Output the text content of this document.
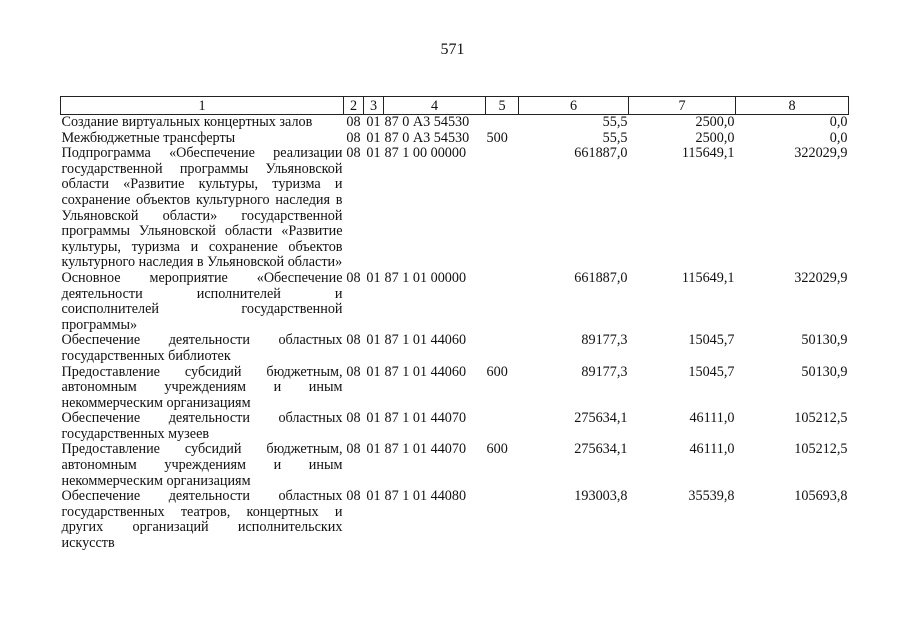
571
1	2	3	4	5	6	7	8
Создание виртуальных концертных залов	08	01	87 0 А3 54530		55,5	2500,0	0,0
Межбюджетные трансферты	08	01	87 0 А3 54530	500	55,5	2500,0	0,0
Подпрограмма «Обеспечение реализации государственной программы Ульяновской области «Развитие культуры, туризма и сохранение объектов культурного наследия в Ульяновской области» государственной программы Ульяновской области «Развитие культуры, туризма и сохранение объектов культурного наследия в Ульяновской области»	08	01	87 1 00 00000		661887,0	115649,1	322029,9
Основное мероприятие «Обеспечение деятельности исполнителей и соисполнителей государственной программы»	08	01	87 1 01 00000		661887,0	115649,1	322029,9
Обеспечение деятельности областных государственных библиотек	08	01	87 1 01 44060		89177,3	15045,7	50130,9
Предоставление субсидий бюджетным, автономным учреждениям и иным некоммерческим организациям	08	01	87 1 01 44060	600	89177,3	15045,7	50130,9
Обеспечение деятельности областных государственных музеев	08	01	87 1 01 44070		275634,1	46111,0	105212,5
Предоставление субсидий бюджетным, автономным учреждениям и иным некоммерческим организациям	08	01	87 1 01 44070	600	275634,1	46111,0	105212,5
Обеспечение деятельности областных государственных театров, концертных и других организаций исполнительских искусств	08	01	87 1 01 44080		193003,8	35539,8	105693,8
